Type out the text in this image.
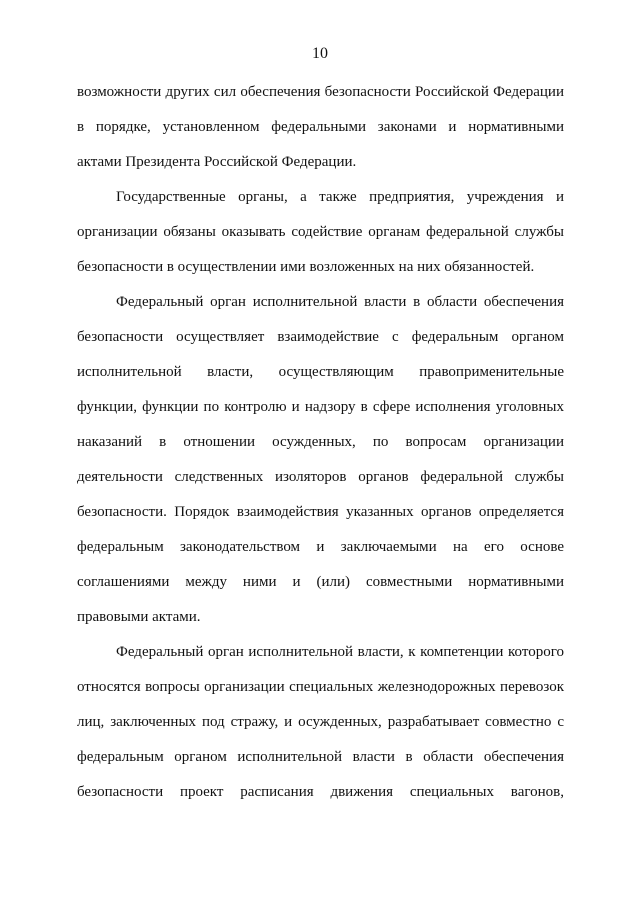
10
возможности других сил обеспечения безопасности Российской Федерации
в порядке, установленном федеральными законами и нормативными
актами Президента Российской Федерации.
Государственные органы, а также предприятия, учреждения и
организации обязаны оказывать содействие органам федеральной службы
безопасности в осуществлении ими возложенных на них обязанностей.
Федеральный орган исполнительной власти в области обеспечения
безопасности осуществляет взаимодействие с федеральным органом
исполнительной власти, осуществляющим правоприменительные
функции, функции по контролю и надзору в сфере исполнения уголовных
наказаний в отношении осужденных, по вопросам организации
деятельности следственных изоляторов органов федеральной службы
безопасности. Порядок взаимодействия указанных органов определяется
федеральным законодательством и заключаемыми на его основе
соглашениями между ними и (или) совместными нормативными
правовыми актами.
Федеральный орган исполнительной власти, к компетенции которого
относятся вопросы организации специальных железнодорожных перевозок
лиц, заключенных под стражу, и осужденных, разрабатывает совместно с
федеральным органом исполнительной власти в области обеспечения
безопасности проект расписания движения специальных вагонов,
